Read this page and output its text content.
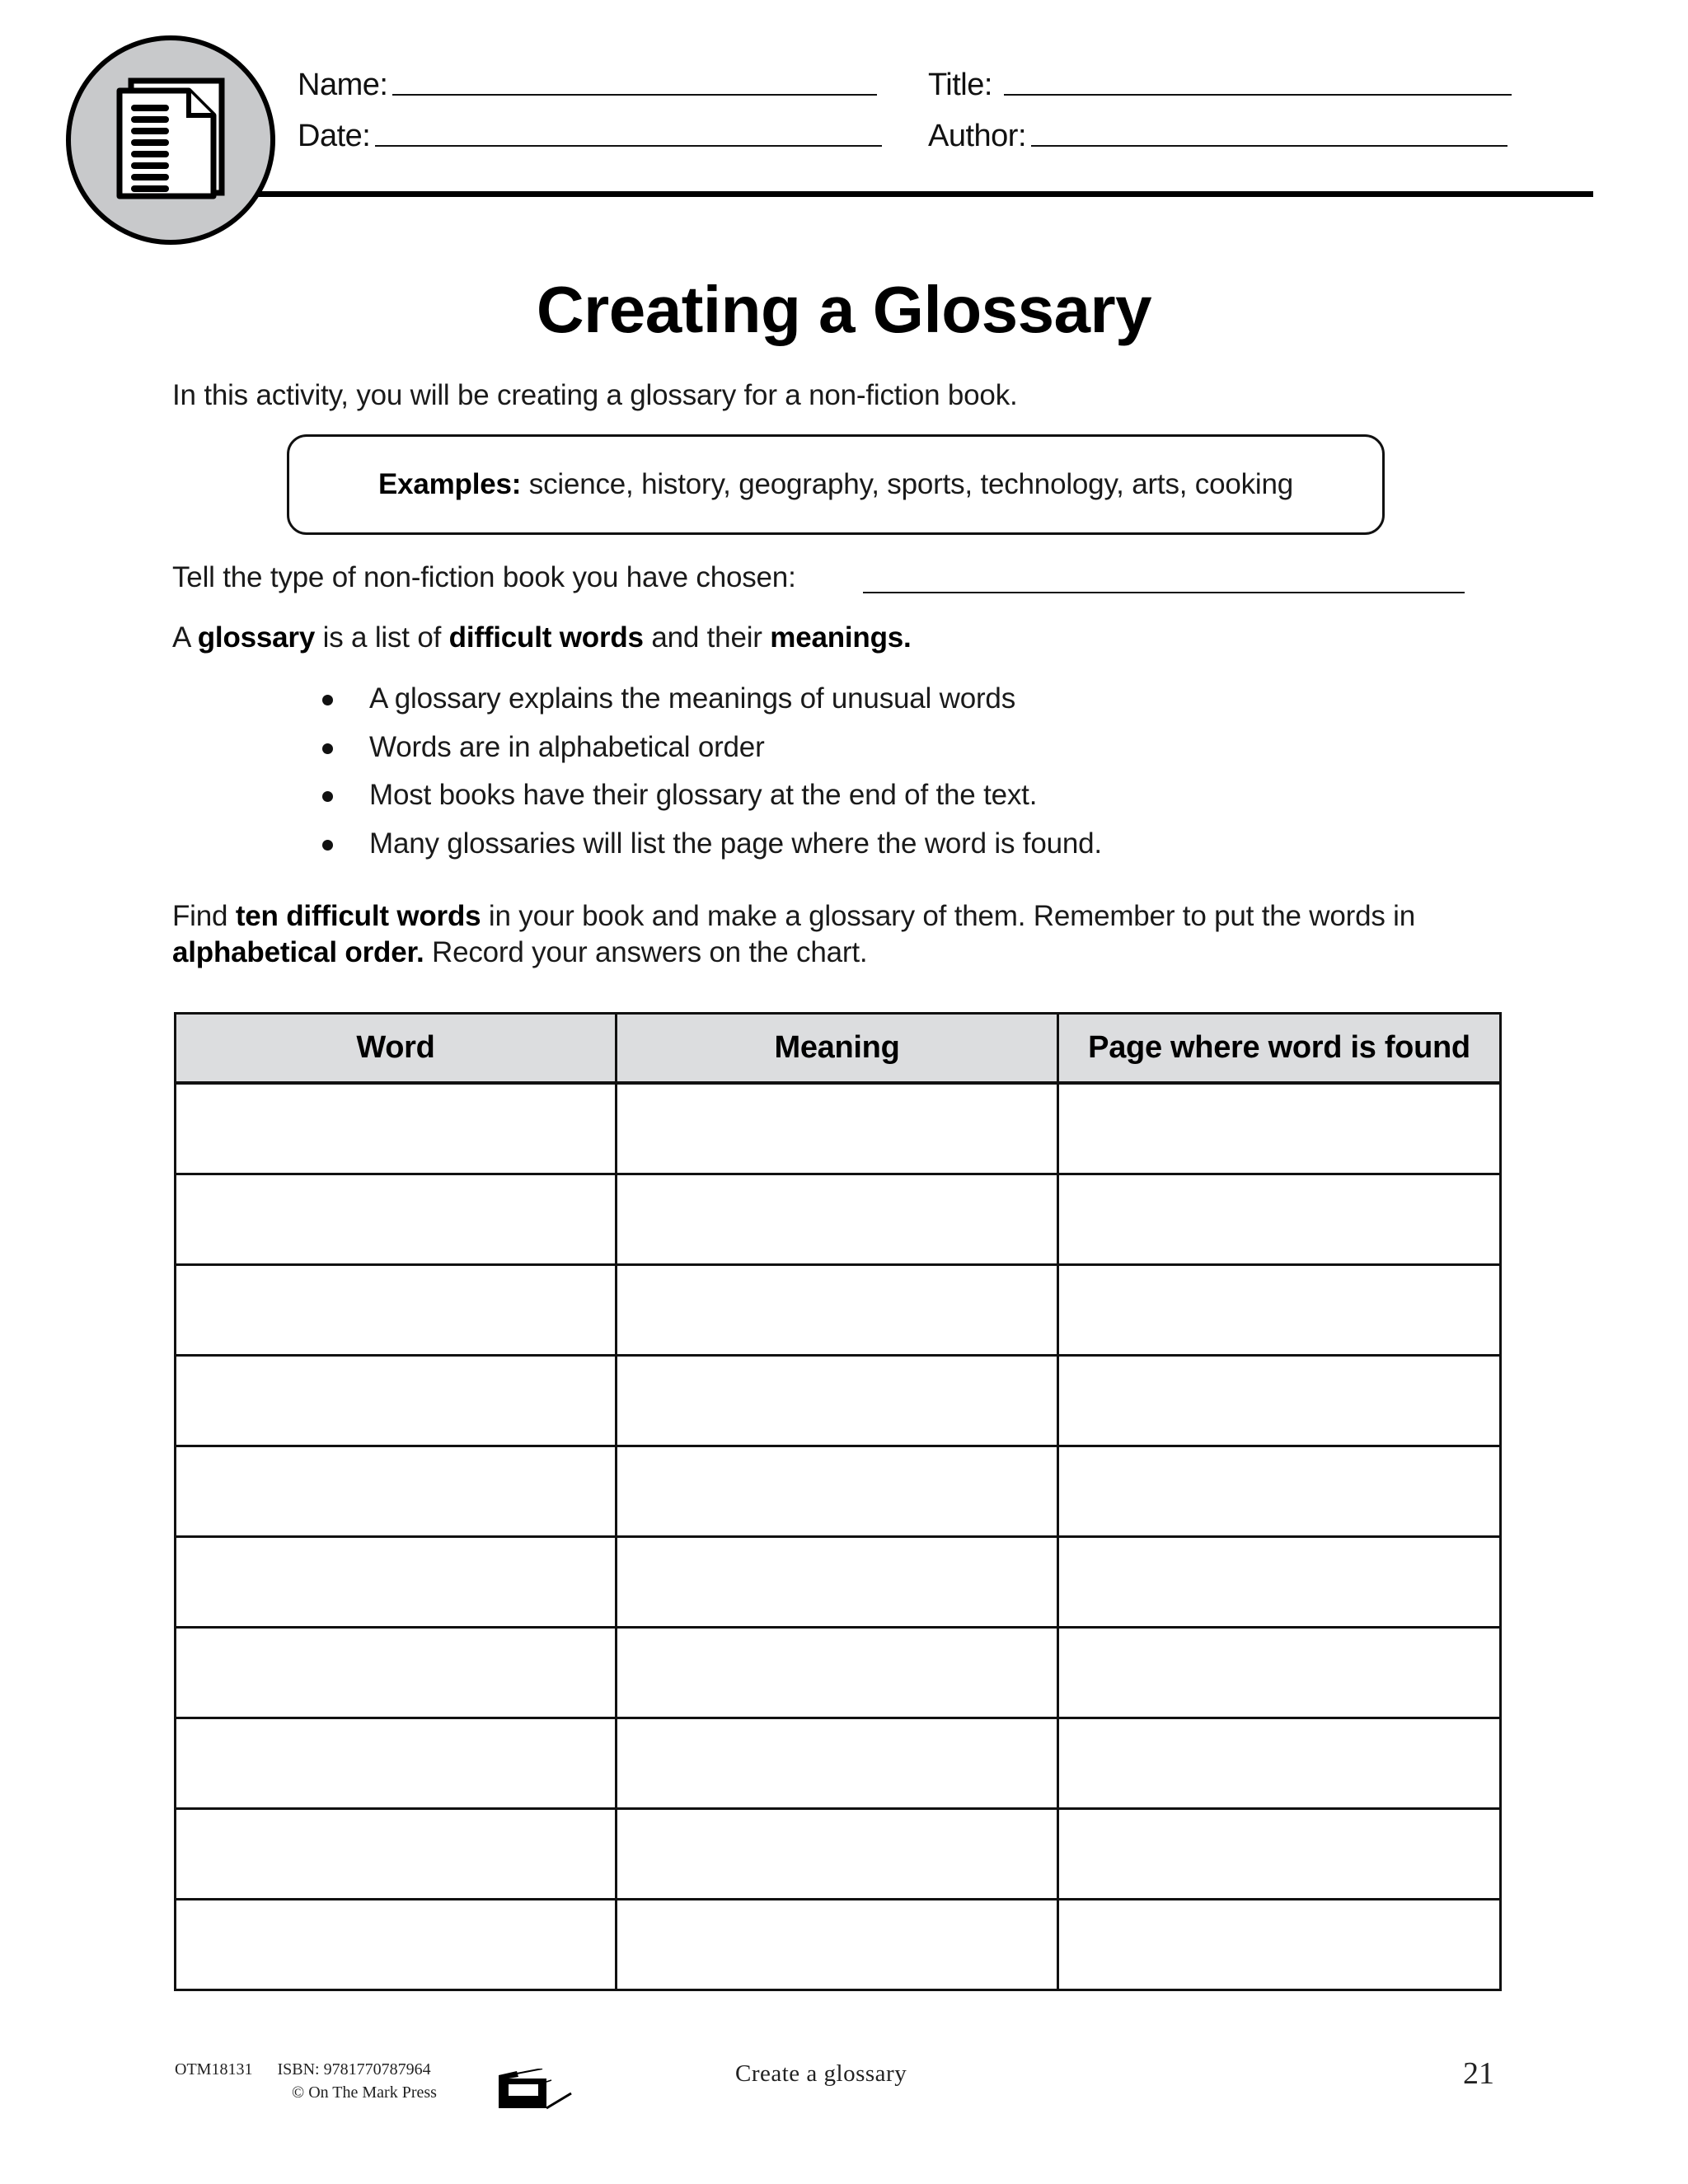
Name:
Date:
Title:
Author:
Creating a Glossary
In this activity, you will be creating a glossary for a non-fiction book.
Examples: science, history, geography, sports, technology, arts, cooking
Tell the type of non-fiction book you have chosen:
A glossary is a list of difficult words and their meanings.
A glossary explains the meanings of unusual words
Words are in alphabetical order
Most books have their glossary at the end of the text.
Many glossaries will list the page where the word is found.
Find ten difficult words in your book and make a glossary of them. Remember to put the words in
alphabetical order. Record your answers on the chart.
Word	Meaning	Page where word is found

OTM18131 ISBN: 9781770787964
© On The Mark Press
Create a glossary	21
